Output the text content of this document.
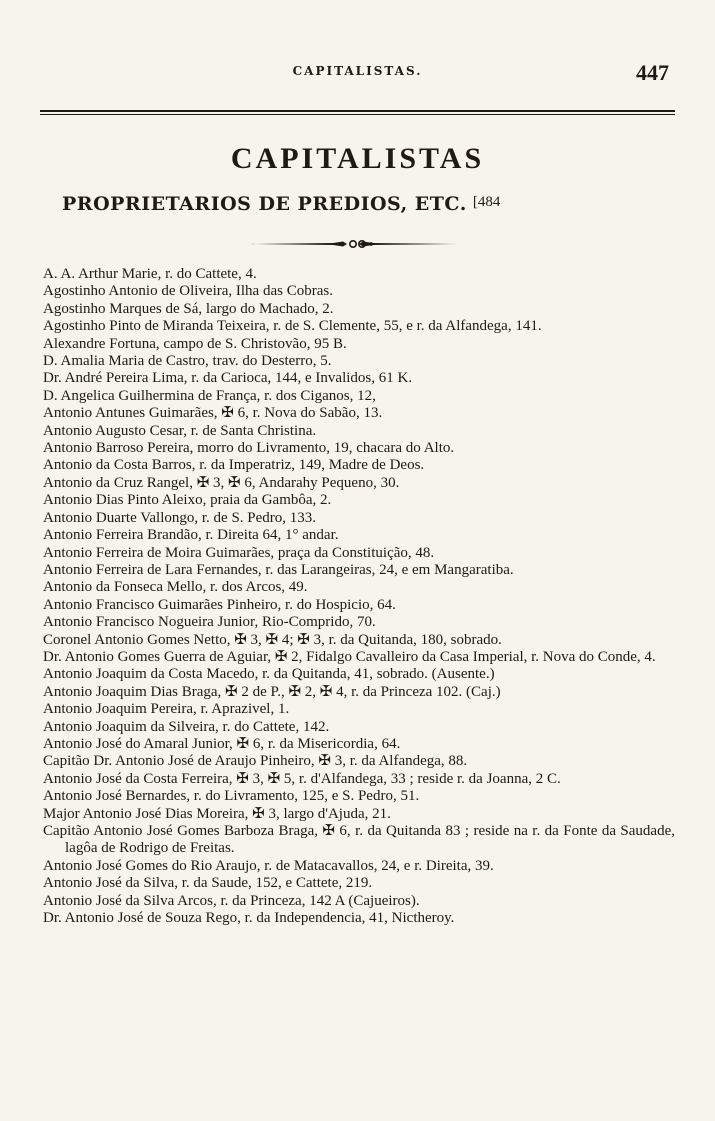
CAPITALISTAS.	447
CAPITALISTAS
PROPRIETARIOS DE PREDIOS, ETC. $^{[484}$
A. A. Arthur Marie, r. do Cattete, 4.
Agostinho Antonio de Oliveira, Ilha das Cobras.
Agostinho Marques de Sá, largo do Machado, 2.
Agostinho Pinto de Miranda Teixeira, r. de S. Clemente, 55, e r. da Alfandega, 141.
Alexandre Fortuna, campo de S. Christovão, 95 B.
D. Amalia Maria de Castro, trav. do Desterro, 5.
Dr. André Pereira Lima, r. da Carioca, 144, e Invalidos, 61 K.
D. Angelica Guilhermina de França, r. dos Ciganos, 12,
Antonio Antunes Guimarães, ✠ 6, r. Nova do Sabão, 13.
Antonio Augusto Cesar, r. de Santa Christina.
Antonio Barroso Pereira, morro do Livramento, 19, chacara do Alto.
Antonio da Costa Barros, r. da Imperatriz, 149, Madre de Deos.
Antonio da Cruz Rangel, ✠ 3, ✠ 6, Andarahy Pequeno, 30.
Antonio Dias Pinto Aleixo, praia da Gambôa, 2.
Antonio Duarte Vallongo, r. de S. Pedro, 133.
Antonio Ferreira Brandão, r. Direita 64, 1° andar.
Antonio Ferreira de Moira Guimarães, praça da Constituição, 48.
Antonio Ferreira de Lara Fernandes, r. das Larangeiras, 24, e em Mangaratiba.
Antonio da Fonseca Mello, r. dos Arcos, 49.
Antonio Francisco Guimarães Pinheiro, r. do Hospicio, 64.
Antonio Francisco Nogueira Junior, Rio-Comprido, 70.
Coronel Antonio Gomes Netto, ✠ 3, ✠ 4; ✠ 3, r. da Quitanda, 180, sobrado.
Dr. Antonio Gomes Guerra de Aguiar, ✠ 2, Fidalgo Cavalleiro da Casa Imperial, r. Nova do Conde, 4.
Antonio Joaquim da Costa Macedo, r. da Quitanda, 41, sobrado. (Ausente.)
Antonio Joaquim Dias Braga, ✠ 2 de P., ✠ 2, ✠ 4, r. da Princeza 102. (Caj.)
Antonio Joaquim Pereira, r. Aprazivel, 1.
Antonio Joaquim da Silveira, r. do Cattete, 142.
Antonio José do Amaral Junior, ✠ 6, r. da Misericordia, 64.
Capitão Dr. Antonio José de Araujo Pinheiro, ✠ 3, r. da Alfandega, 88.
Antonio José da Costa Ferreira, ✠ 3, ✠ 5, r. d'Alfandega, 33 ; reside r. da Joanna, 2 C.
Antonio José Bernardes, r. do Livramento, 125, e S. Pedro, 51.
Major Antonio José Dias Moreira, ✠ 3, largo d'Ajuda, 21.
Capitão Antonio José Gomes Barboza Braga, ✠ 6, r. da Quitanda 83 ; reside na r. da Fonte da Saudade, lagôa de Rodrigo de Freitas.
Antonio José Gomes do Rio Araujo, r. de Matacavallos, 24, e r. Direita, 39.
Antonio José da Silva, r. da Saude, 152, e Cattete, 219.
Antonio José da Silva Arcos, r. da Princeza, 142 A (Cajueiros).
Dr. Antonio José de Souza Rego, r. da Independencia, 41, Nictheroy.
